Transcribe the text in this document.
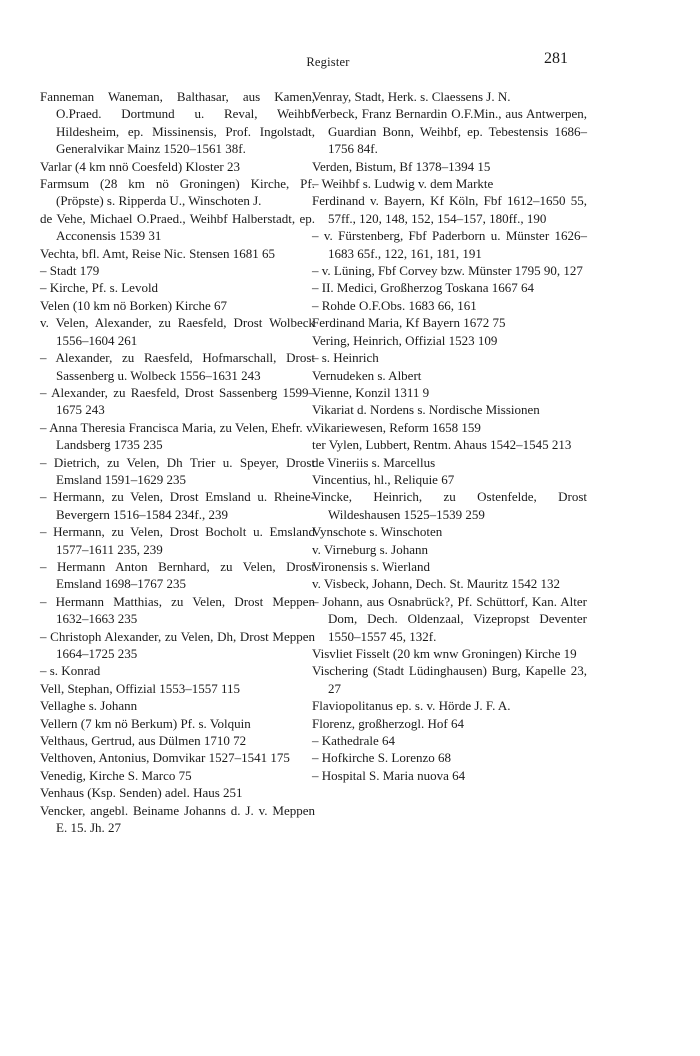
Register	281
Fanneman Waneman, Balthasar, aus Kamen, O.Praed. Dortmund u. Reval, Weihbf Hildesheim, ep. Missinensis, Prof. Ingolstadt, Generalvikar Mainz 1520–1561 38f.
Varlar (4 km nnö Coesfeld) Kloster 23
Farmsum (28 km nö Groningen) Kirche, Pf. (Pröpste) s. Ripperda U., Winschoten J.
de Vehe, Michael O.Praed., Weihbf Halberstadt, ep. Acconensis 1539 31
Vechta, bfl. Amt, Reise Nic. Stensen 1681 65
– Stadt 179
– Kirche, Pf. s. Levold
Velen (10 km nö Borken) Kirche 67
v. Velen, Alexander, zu Raesfeld, Drost Wolbeck 1556–1604 261
– Alexander, zu Raesfeld, Hofmarschall, Drost Sassenberg u. Wolbeck 1556–1631 243
– Alexander, zu Raesfeld, Drost Sassenberg 1599–1675 243
– Anna Theresia Francisca Maria, zu Velen, Ehefr. v. Landsberg 1735 235
– Dietrich, zu Velen, Dh Trier u. Speyer, Drost Emsland 1591–1629 235
– Hermann, zu Velen, Drost Emsland u. Rheine-Bevergern 1516–1584 234f., 239
– Hermann, zu Velen, Drost Bocholt u. Emsland 1577–1611 235, 239
– Hermann Anton Bernhard, zu Velen, Drost Emsland 1698–1767 235
– Hermann Matthias, zu Velen, Drost Meppen 1632–1663 235
– Christoph Alexander, zu Velen, Dh, Drost Meppen 1664–1725 235
– s. Konrad
Vell, Stephan, Offizial 1553–1557 115
Vellaghe s. Johann
Vellern (7 km nö Berkum) Pf. s. Volquin
Velthaus, Gertrud, aus Dülmen 1710 72
Velthoven, Antonius, Domvikar 1527–1541 175
Venedig, Kirche S. Marco 75
Venhaus (Ksp. Senden) adel. Haus 251
Vencker, angebl. Beiname Johanns d. J. v. Meppen E. 15. Jh. 27
Venray, Stadt, Herk. s. Claessens J. N.
Verbeck, Franz Bernardin O.F.Min., aus Antwerpen, Guardian Bonn, Weihbf, ep. Tebestensis 1686–1756 84f.
Verden, Bistum, Bf 1378–1394 15
– Weihbf s. Ludwig v. dem Markte
Ferdinand v. Bayern, Kf Köln, Fbf 1612–1650 55, 57ff., 120, 148, 152, 154–157, 180ff., 190
– v. Fürstenberg, Fbf Paderborn u. Münster 1626–1683 65f., 122, 161, 181, 191
– v. Lüning, Fbf Corvey bzw. Münster 1795 90, 127
– II. Medici, Großherzog Toskana 1667 64
– Rohde O.F.Obs. 1683 66, 161
Ferdinand Maria, Kf Bayern 1672 75
Vering, Heinrich, Offizial 1523 109
– s. Heinrich
Vernudeken s. Albert
Vienne, Konzil 1311 9
Vikariat d. Nordens s. Nordische Missionen
Vikariewesen, Reform 1658 159
ter Vylen, Lubbert, Rentm. Ahaus 1542–1545 213
de Vineriis s. Marcellus
Vincentius, hl., Reliquie 67
Vincke, Heinrich, zu Ostenfelde, Drost Wildeshausen 1525–1539 259
Vynschote s. Winschoten
v. Virneburg s. Johann
Vironensis s. Wierland
v. Visbeck, Johann, Dech. St. Mauritz 1542 132
– Johann, aus Osnabrück?, Pf. Schüttorf, Kan. Alter Dom, Dech. Oldenzaal, Vizepropst Deventer 1550–1557 45, 132f.
Visvliet Fisselt (20 km wnw Groningen) Kirche 19
Vischering (Stadt Lüdinghausen) Burg, Kapelle 23, 27
Flaviopolitanus ep. s. v. Hörde J. F. A.
Florenz, großherzogl. Hof 64
– Kathedrale 64
– Hofkirche S. Lorenzo 68
– Hospital S. Maria nuova 64
